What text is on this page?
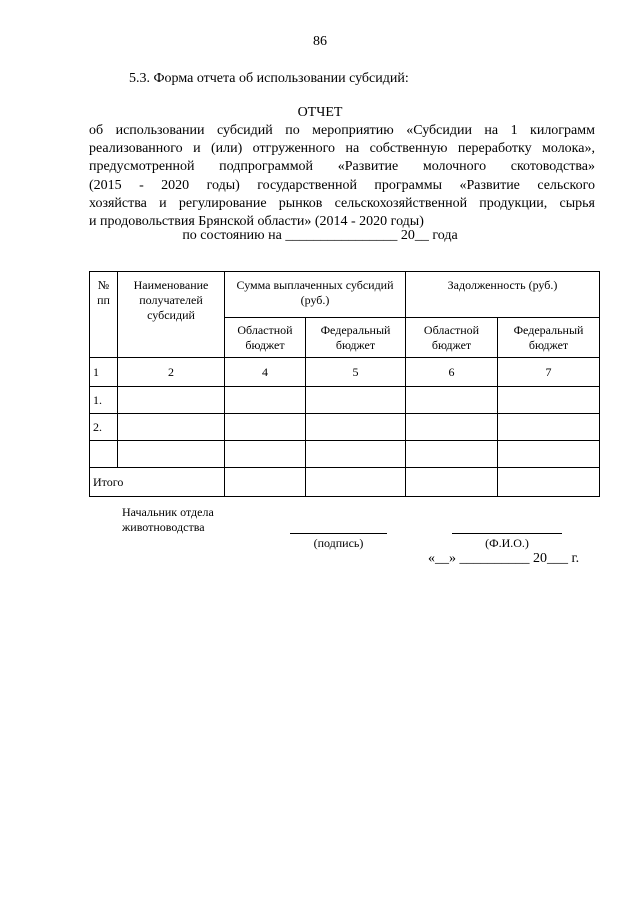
86
5.3. Форма отчета об использовании субсидий:
ОТЧЕТ
об использовании субсидий по мероприятию «Субсидии на 1 килограмм
реализованного и (или) отгруженного на собственную переработку молока»,
предусмотренной подпрограммой «Развитие молочного скотоводства»
(2015 - 2020 годы) государственной программы «Развитие сельского
хозяйства и регулирование рынков сельскохозяйственной продукции, сырья
и продовольствия Брянской области» (2014 - 2020 годы)
по состоянию на ________________ 20__ года
№ пп	Наименование получателей субсидий	Сумма выплаченных субсидий (руб.)		Задолженность (руб.)	
		Областной бюджет	Федеральный бюджет	Областной бюджет	Федеральный бюджет
1	2	4	5	6	7
1.					
2.					

Итого					
Начальник отдела
животноводства
(подпись)	(Ф.И.О.)
«__» __________ 20___ г.
